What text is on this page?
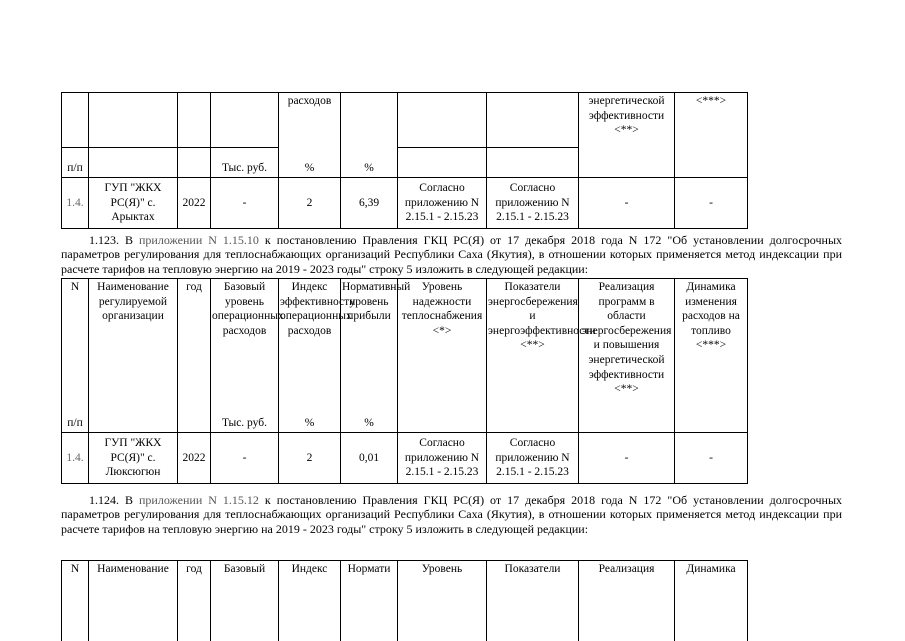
				расходов				энергетической эффективности <**>	<***>
п/п			Тыс. руб.	%	%				
1.4.	ГУП "ЖКХ РС(Я)" с. Арыктах	2022	-	2	6,39	Согласно приложению N 2.15.1 - 2.15.23	Согласно приложению N 2.15.1 - 2.15.23	-	-

1.123. В приложении N 1.15.10 к постановлению Правления ГКЦ РС(Я) от 17 декабря 2018 года N 172 "Об установлении долгосрочных параметров регулирования для теплоснабжающих организаций Республики Саха (Якутия), в отношении которых применяется метод индексации при расчете тарифов на тепловую энергию на 2019 - 2023 годы" строку 5 изложить в следующей редакции:

N	Наименование регулируемой организации	год	Базовый уровень операционных расходов	Индекс эффективности операционных расходов	Нормативный уровень прибыли	Уровень надежности теплоснабжения <*>	Показатели энергосбережения и энергоэффективности <**>	Реализация программ в области энергосбережения и повышения энергетической эффективности <**>	Динамика изменения расходов на топливо <***>
п/п			Тыс. руб.	%	%				
1.4.	ГУП "ЖКХ РС(Я)" с. Люксюгюн	2022	-	2	0,01	Согласно приложению N 2.15.1 - 2.15.23	Согласно приложению N 2.15.1 - 2.15.23	-	-

1.124. В приложении N 1.15.12 к постановлению Правления ГКЦ РС(Я) от 17 декабря 2018 года N 172 "Об установлении долгосрочных параметров регулирования для теплоснабжающих организаций Республики Саха (Якутия), в отношении которых применяется метод индексации при расчете тарифов на тепловую энергию на 2019 - 2023 годы" строку 5 изложить в следующей редакции:

N	Наименование	год	Базовый	Индекс	Нормати	Уровень	Показатели	Реализация	Динамика
